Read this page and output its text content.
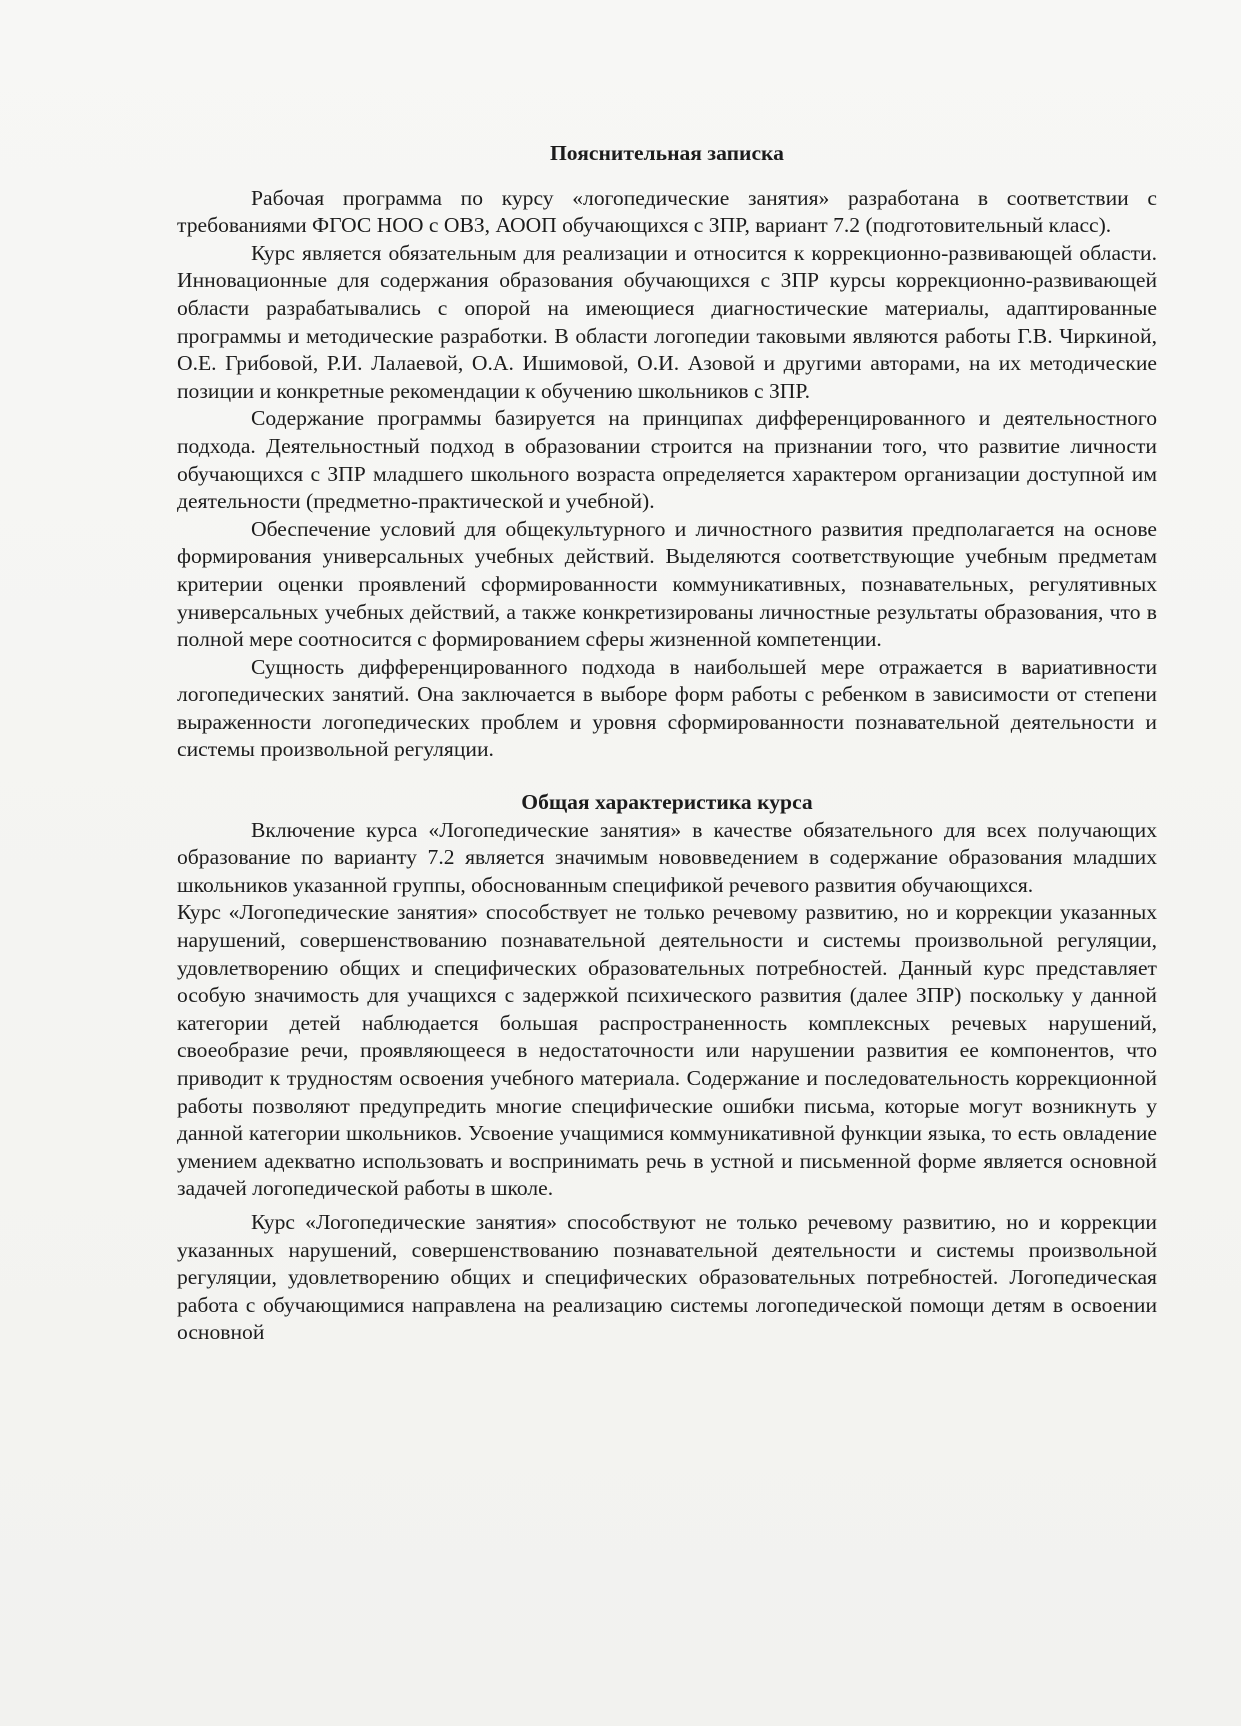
Пояснительная записка

Рабочая программа по курсу «логопедические занятия» разработана в соответствии с требованиями ФГОС НОО с ОВЗ, АООП обучающихся с ЗПР, вариант 7.2 (подготовительный класс).

Курс является обязательным для реализации и относится к коррекционно-развивающей области. Инновационные для содержания образования обучающихся с ЗПР курсы коррекционно-развивающей области разрабатывались с опорой на имеющиеся диагностические материалы, адаптированные программы и методические разработки. В области логопедии таковыми являются работы Г.В. Чиркиной, О.Е. Грибовой, Р.И. Лалаевой, О.А. Ишимовой, О.И. Азовой и другими авторами, на их методические позиции и конкретные рекомендации к обучению школьников с ЗПР.

Содержание программы базируется на принципах дифференцированного и деятельностного подхода. Деятельностный подход в образовании строится на признании того, что развитие личности обучающихся с ЗПР младшего школьного возраста определяется характером организации доступной им деятельности (предметно-практической и учебной).

Обеспечение условий для общекультурного и личностного развития предполагается на основе формирования универсальных учебных действий. Выделяются соответствующие учебным предметам критерии оценки проявлений сформированности коммуникативных, познавательных, регулятивных универсальных учебных действий, а также конкретизированы личностные результаты образования, что в полной мере соотносится с формированием сферы жизненной компетенции.

Сущность дифференцированного подхода в наибольшей мере отражается в вариативности логопедических занятий. Она заключается в выборе форм работы с ребенком в зависимости от степени выраженности логопедических проблем и уровня сформированности познавательной деятельности и системы произвольной регуляции.

Общая характеристика курса

Включение курса «Логопедические занятия» в качестве обязательного для всех получающих образование по варианту 7.2 является значимым нововведением в содержание образования младших школьников указанной группы, обоснованным спецификой речевого развития обучающихся.

Курс «Логопедические занятия» способствует не только речевому развитию, но и коррекции указанных нарушений, совершенствованию познавательной деятельности и системы произвольной регуляции, удовлетворению общих и специфических образовательных потребностей. Данный курс представляет особую значимость для учащихся с задержкой психического развития (далее ЗПР) поскольку у данной категории детей наблюдается большая распространенность комплексных речевых нарушений, своеобразие речи, проявляющееся в недостаточности или нарушении развития ее компонентов, что приводит к трудностям освоения учебного материала. Содержание и последовательность коррекционной работы позволяют предупредить многие специфические ошибки письма, которые могут возникнуть у данной категории школьников. Усвоение учащимися коммуникативной функции языка, то есть овладение умением адекватно использовать и воспринимать речь в устной и письменной форме является основной задачей логопедической работы в школе.

Курс «Логопедические занятия» способствуют не только речевому развитию, но и коррекции указанных нарушений, совершенствованию познавательной деятельности и системы произвольной регуляции, удовлетворению общих и специфических образовательных потребностей. Логопедическая работа с обучающимися направлена на реализацию системы логопедической помощи детям в освоении основной
